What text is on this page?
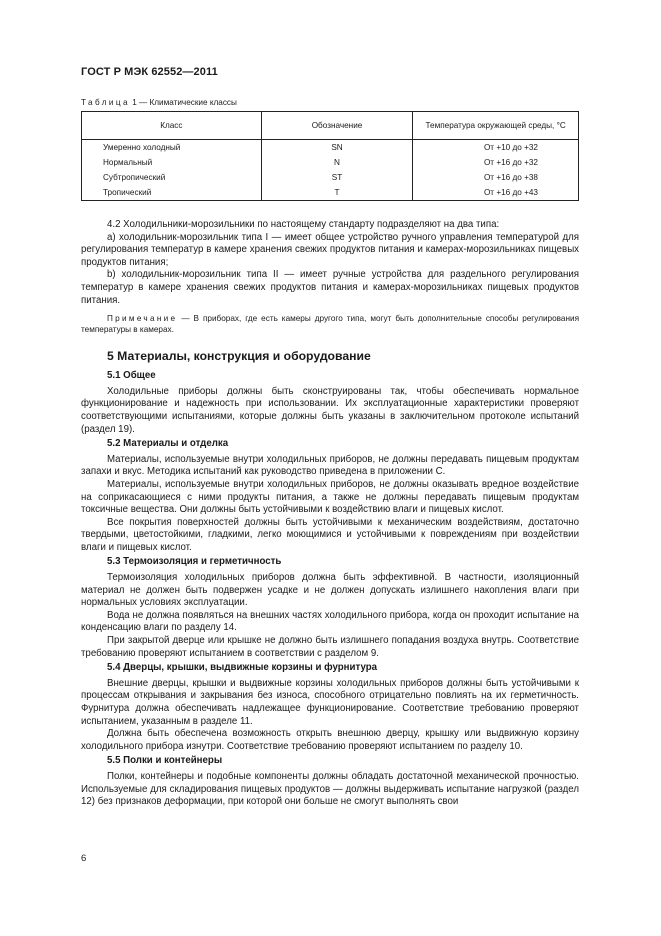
ГОСТ Р МЭК 62552—2011
Таблица 1 — Климатические классы
Класс	Обозначение	Температура окружающей среды, °С
Умеренно холодный	SN	От +10 до +32
Нормальный	N	От +16 до +32
Субтропический	ST	От +16 до +38
Тропический	T	От +16 до +43

4.2 Холодильники-морозильники по настоящему стандарту подразделяют на два типа:

а) холодильник-морозильник типа I — имеет общее устройство ручного управления температурой для регулирования температур в камере хранения свежих продуктов питания и камерах-морозильниках пищевых продуктов питания;

b) холодильник-морозильник типа II — имеет ручные устройства для раздельного регулирования температур в камере хранения свежих продуктов питания и камерах-морозильниках пищевых продуктов питания.

Примечание — В приборах, где есть камеры другого типа, могут быть дополнительные способы регулирования температуры в камерах.

5 Материалы, конструкция и оборудование
5.1 Общее

Холодильные приборы должны быть сконструированы так, чтобы обеспечивать нормальное функционирование и надежность при использовании. Их эксплуатационные характеристики проверяют соответствующими испытаниями, которые должны быть указаны в заключительном протоколе испытаний (раздел 19).

5.2 Материалы и отделка

Материалы, используемые внутри холодильных приборов, не должны передавать пищевым продуктам запахи и вкус. Методика испытаний как руководство приведена в приложении С.

Материалы, используемые внутри холодильных приборов, не должны оказывать вредное воздействие на соприкасающиеся с ними продукты питания, а также не должны передавать пищевым продуктам токсичные вещества. Они должны быть устойчивыми к воздействию влаги и пищевых кислот.

Все покрытия поверхностей должны быть устойчивыми к механическим воздействиям, достаточно твердыми, цветостойкими, гладкими, легко моющимися и устойчивыми к повреждениям при воздействии влаги и пищевых кислот.

5.3 Термоизоляция и герметичность

Термоизоляция холодильных приборов должна быть эффективной. В частности, изоляционный материал не должен быть подвержен усадке и не должен допускать излишнего накопления влаги при нормальных условиях эксплуатации.

Вода не должна появляться на внешних частях холодильного прибора, когда он проходит испытание на конденсацию влаги по разделу 14.

При закрытой дверце или крышке не должно быть излишнего попадания воздуха внутрь. Соответствие требованию проверяют испытанием в соответствии с разделом 9.

5.4 Дверцы, крышки, выдвижные корзины и фурнитура

Внешние дверцы, крышки и выдвижные корзины холодильных приборов должны быть устойчивыми к процессам открывания и закрывания без износа, способного отрицательно повлиять на их герметичность. Фурнитура должна обеспечивать надлежащее функционирование. Соответствие требованию проверяют испытанием, указанным в разделе 11.

Должна быть обеспечена возможность открыть внешнюю дверцу, крышку или выдвижную корзину холодильного прибора изнутри. Соответствие требованию проверяют испытанием по разделу 10.

5.5 Полки и контейнеры

Полки, контейнеры и подобные компоненты должны обладать достаточной механической прочностью. Используемые для складирования пищевых продуктов — должны выдерживать испытание нагрузкой (раздел 12) без признаков деформации, при которой они больше не смогут выполнять свои

6
